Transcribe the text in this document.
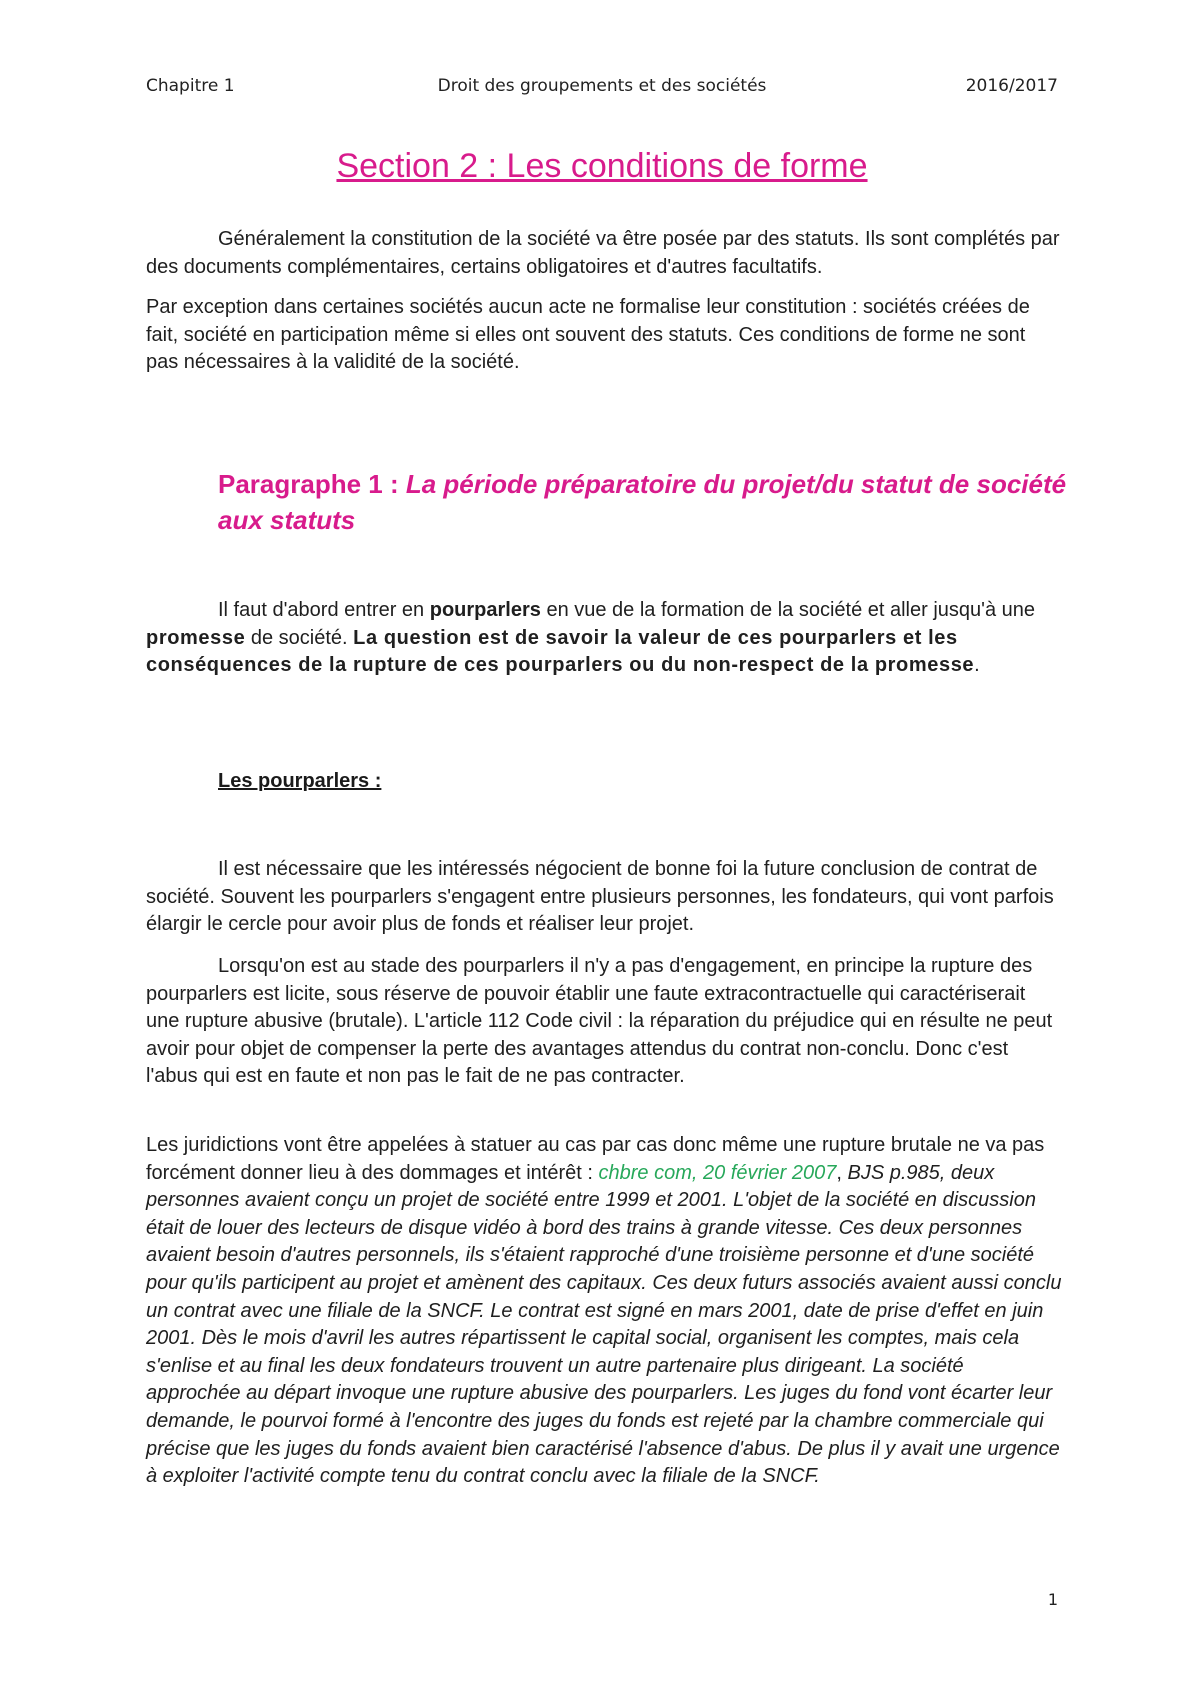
Chapitre 1	Droit des groupements et des sociétés	2016/2017
Section 2 : Les conditions de forme

Généralement la constitution de la société va être posée par des statuts. Ils sont complétés par des documents complémentaires, certains obligatoires et d'autres facultatifs.

Par exception dans certaines sociétés aucun acte ne formalise leur constitution : sociétés créées de fait, société en participation même si elles ont souvent des statuts. Ces conditions de forme ne sont pas nécessaires à la validité de la société.

Paragraphe 1 : La période préparatoire du projet/du statut de société aux statuts

Il faut d'abord entrer en pourparlers en vue de la formation de la société et aller jusqu'à une promesse de société. La question est de savoir la valeur de ces pourparlers et les conséquences de la rupture de ces pourparlers ou du non-respect de la promesse.

Les pourparlers :

Il est nécessaire que les intéressés négocient de bonne foi la future conclusion de contrat de société. Souvent les pourparlers s'engagent entre plusieurs personnes, les fondateurs, qui vont parfois élargir le cercle pour avoir plus de fonds et réaliser leur projet.

Lorsqu'on est au stade des pourparlers il n'y a pas d'engagement, en principe la rupture des pourparlers est licite, sous réserve de pouvoir établir une faute extracontractuelle qui caractériserait une rupture abusive (brutale). L'article 112 Code civil : la réparation du préjudice qui en résulte ne peut avoir pour objet de compenser la perte des avantages attendus du contrat non-conclu. Donc c'est l'abus qui est en faute et non pas le fait de ne pas contracter.

Les juridictions vont être appelées à statuer au cas par cas donc même une rupture brutale ne va pas forcément donner lieu à des dommages et intérêt : chbre com, 20 février 2007, BJS p.985, deux personnes avaient conçu un projet de société entre 1999 et 2001. L'objet de la société en discussion était de louer des lecteurs de disque vidéo à bord des trains à grande vitesse. Ces deux personnes avaient besoin d'autres personnels, ils s'étaient rapproché d'une troisième personne et d'une société pour qu'ils participent au projet et amènent des capitaux. Ces deux futurs associés avaient aussi conclu un contrat avec une filiale de la SNCF. Le contrat est signé en mars 2001, date de prise d'effet en juin 2001. Dès le mois d'avril les autres répartissent le capital social, organisent les comptes, mais cela s'enlise et au final les deux fondateurs trouvent un autre partenaire plus dirigeant. La société approchée au départ invoque une rupture abusive des pourparlers. Les juges du fond vont écarter leur demande, le pourvoi formé à l'encontre des juges du fonds est rejeté par la chambre commerciale qui précise que les juges du fonds avaient bien caractérisé l'absence d'abus. De plus il y avait une urgence à exploiter l'activité compte tenu du contrat conclu avec la filiale de la SNCF.

1
